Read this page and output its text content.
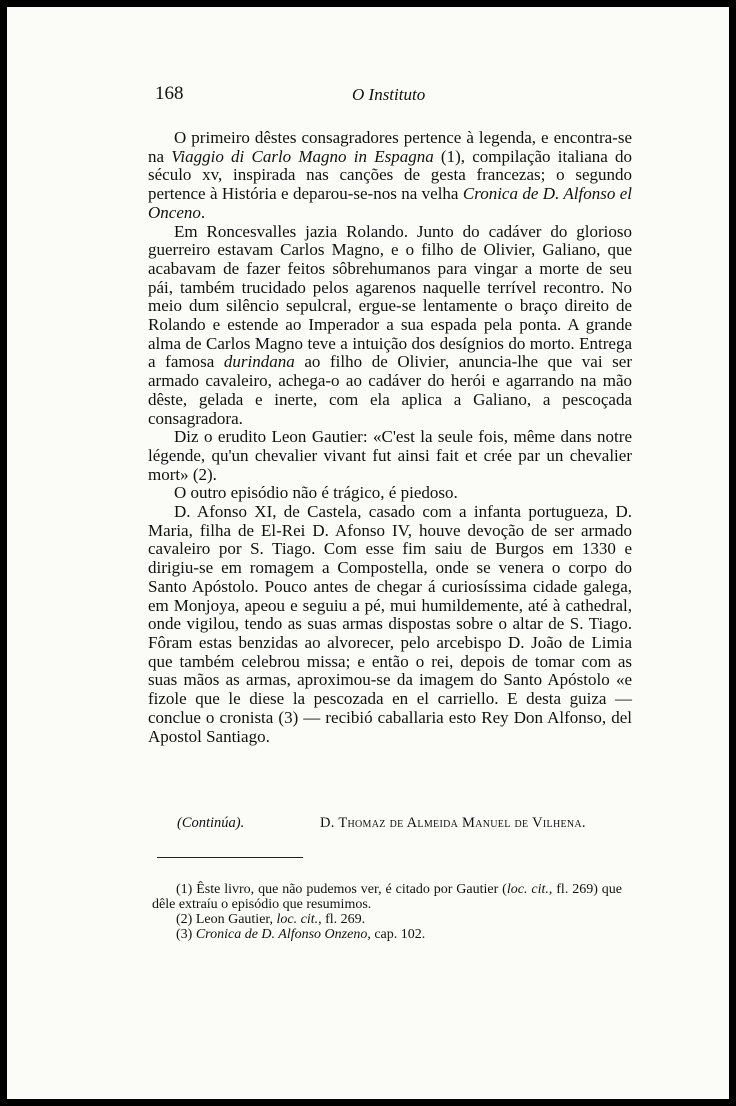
168	O Instituto

O primeiro dêstes consagradores pertence à legenda, e encontra-se na Viaggio di Carlo Magno in Espagna (1), compilação italiana do século xv, inspirada nas canções de gesta francezas; o segundo pertence à História e deparou-se-nos na velha Cronica de D. Alfonso el Onceno.

Em Roncesvalles jazia Rolando. Junto do cadáver do glorioso guerreiro estavam Carlos Magno, e o filho de Olivier, Galiano, que acabavam de fazer feitos sôbrehumanos para vingar a morte de seu pái, também trucidado pelos agarenos naquelle terrível recontro. No meio dum silêncio sepulcral, ergue-se lentamente o braço direito de Rolando e estende ao Imperador a sua espada pela ponta. A grande alma de Carlos Magno teve a intuição dos desígnios do morto. Entrega a famosa durindana ao filho de Olivier, anuncia-lhe que vai ser armado cavaleiro, achega-o ao cadáver do herói e agarrando na mão dêste, gelada e inerte, com ela aplica a Galiano, a pescoçada consagradora.

Diz o erudito Leon Gautier: «C'est la seule fois, même dans notre légende, qu'un chevalier vivant fut ainsi fait et crée par un chevalier mort» (2).

O outro episódio não é trágico, é piedoso.

D. Afonso XI, de Castela, casado com a infanta portugueza, D. Maria, filha de El-Rei D. Afonso IV, houve devoção de ser armado cavaleiro por S. Tiago. Com esse fim saiu de Burgos em 1330 e dirigiu-se em romagem a Compostella, onde se venera o corpo do Santo Apóstolo. Pouco antes de chegar á curiosíssima cidade galega, em Monjoya, apeou e seguiu a pé, mui humildemente, até à cathedral, onde vigilou, tendo as suas armas dispostas sobre o altar de S. Tiago. Fôram estas benzidas ao alvorecer, pelo arcebispo D. João de Limia que também celebrou missa; e então o rei, depois de tomar com as suas mãos as armas, aproximou-se da imagem do Santo Apóstolo «e fizole que le diese la pescozada en el carriello. E desta guiza — conclue o cronista (3) — recibió caballaria esto Rey Don Alfonso, del Apostol Santiago.

(Continúa).	D. Thomaz de Almeida Manuel de Vilhena.

(1) Êste livro, que não pudemos ver, é citado por Gautier (loc. cit., fl. 269) que dêle extraíu o episódio que resumimos.

(2) Leon Gautier, loc. cit., fl. 269.

(3) Cronica de D. Alfonso Onzeno, cap. 102.
